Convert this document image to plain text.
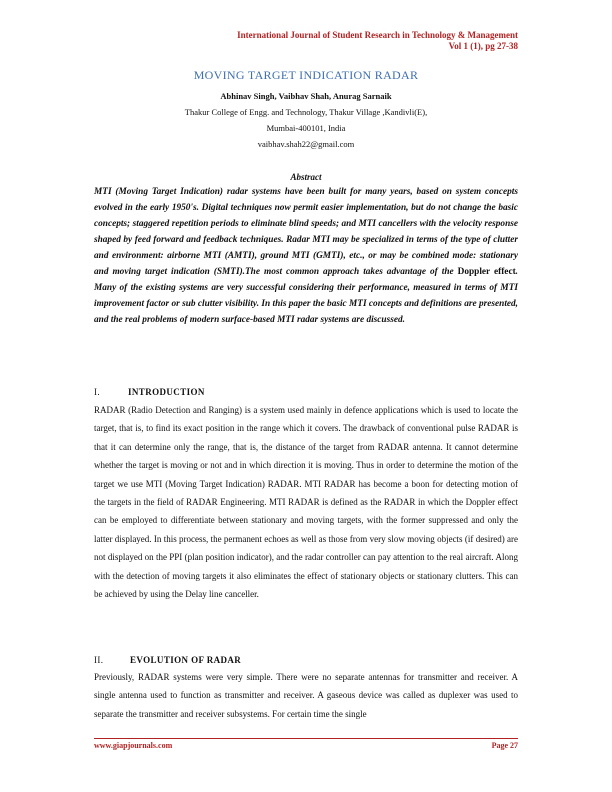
International Journal of Student Research in Technology & Management
Vol 1 (1), pg 27-38
MOVING TARGET INDICATION RADAR
Abhinav Singh, Vaibhav Shah, Anurag Sarnaik
Thakur College of Engg. and Technology, Thakur Village ,Kandivli(E),
Mumbai-400101, India
vaibhav.shah22@gmail.com
Abstract

MTI (Moving Target Indication) radar systems have been built for many years, based on system concepts evolved in the early 1950's. Digital techniques now permit easier implementation, but do not change the basic concepts; staggered repetition periods to eliminate blind speeds; and MTI cancellers with the velocity response shaped by feed forward and feedback techniques. Radar MTI may be specialized in terms of the type of clutter and environment: airborne MTI (AMTI), ground MTI (GMTI), etc., or may be combined mode: stationary and moving target indication (SMTI).The most common approach takes advantage of the Doppler effect. Many of the existing systems are very successful considering their performance, measured in terms of MTI improvement factor or sub clutter visibility. In this paper the basic MTI concepts and definitions are presented, and the real problems of modern surface-based MTI radar systems are discussed.

I.	INTRODUCTION

RADAR (Radio Detection and Ranging) is a system used mainly in defence applications which is used to locate the target, that is, to find its exact position in the range which it covers. The drawback of conventional pulse RADAR is that it can determine only the range, that is, the distance of the target from RADAR antenna. It cannot determine whether the target is moving or not and in which direction it is moving. Thus in order to determine the motion of the target we use MTI (Moving Target Indication) RADAR. MTI RADAR has become a boon for detecting motion of the targets in the field of RADAR Engineering. MTI RADAR is defined as the RADAR in which the Doppler effect can be employed to differentiate between stationary and moving targets, with the former suppressed and only the latter displayed. In this process, the permanent echoes as well as those from very slow moving objects (if desired) are not displayed on the PPI (plan position indicator), and the radar controller can pay attention to the real aircraft. Along with the detection of moving targets it also eliminates the effect of stationary objects or stationary clutters. This can be achieved by using the Delay line canceller.

II.	EVOLUTION OF RADAR

Previously, RADAR systems were very simple. There were no separate antennas for transmitter and receiver. A single antenna used to function as transmitter and receiver. A gaseous device was called as duplexer was used to separate the transmitter and receiver subsystems. For certain time the single

www.giapjournals.com	Page 27
